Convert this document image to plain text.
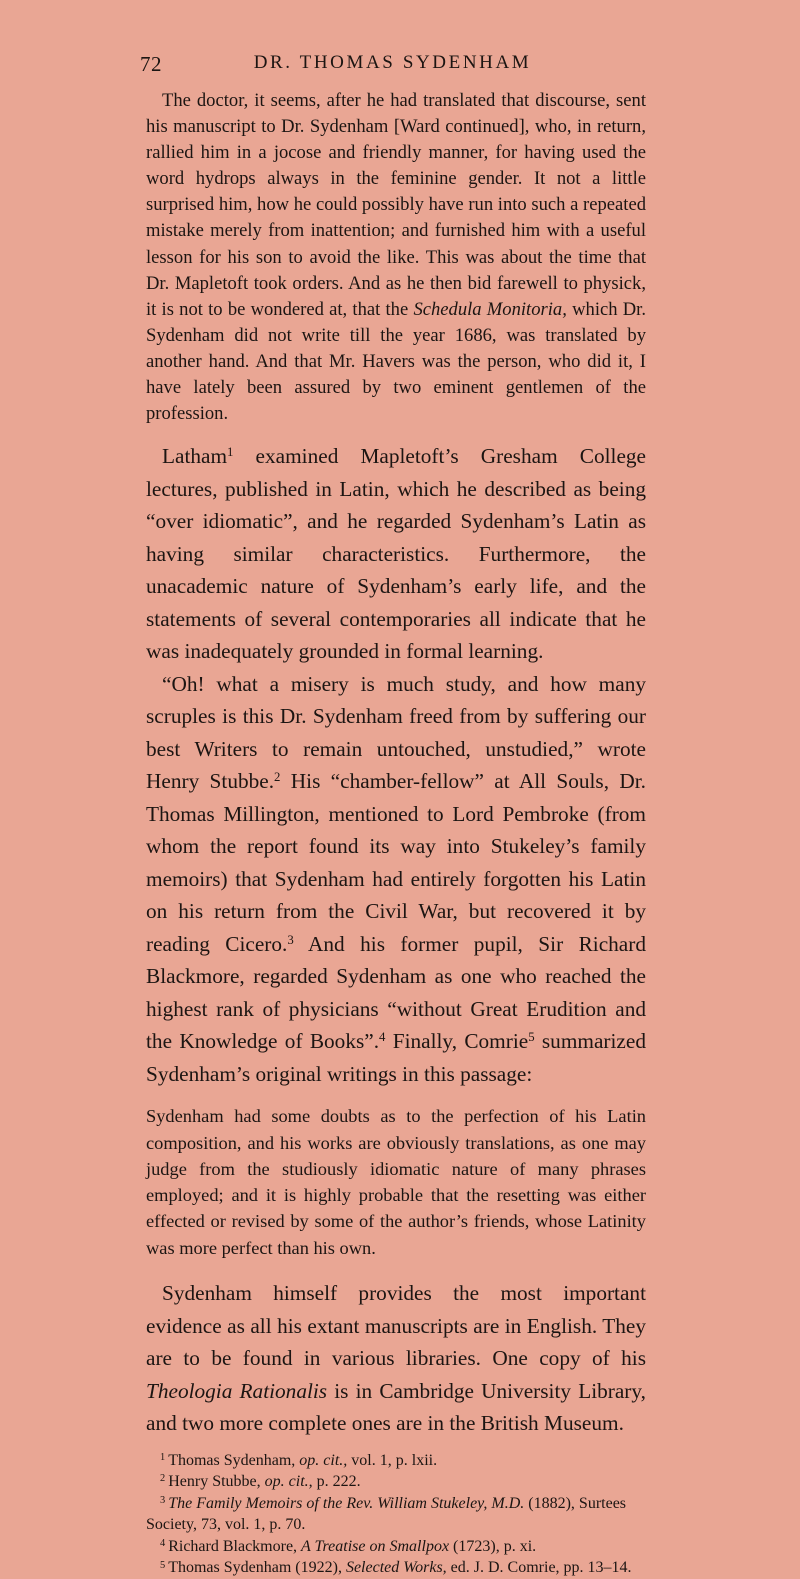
72	DR. THOMAS SYDENHAM

The doctor, it seems, after he had translated that discourse, sent his manuscript to Dr. Sydenham [Ward continued], who, in return, rallied him in a jocose and friendly manner, for having used the word hydrops always in the feminine gender. It not a little surprised him, how he could possibly have run into such a repeated mistake merely from inattention; and furnished him with a useful lesson for his son to avoid the like. This was about the time that Dr. Mapletoft took orders. And as he then bid farewell to physick, it is not to be wondered at, that the Schedula Monitoria, which Dr. Sydenham did not write till the year 1686, was translated by another hand. And that Mr. Havers was the person, who did it, I have lately been assured by two eminent gentlemen of the profession.

Latham$^1$ examined Mapletoft’s Gresham College lectures, published in Latin, which he described as being “over idiomatic”, and he regarded Sydenham’s Latin as having similar characteristics. Furthermore, the unacademic nature of Sydenham’s early life, and the statements of several contemporaries all indicate that he was inadequately grounded in formal learning.

“Oh! what a misery is much study, and how many scruples is this Dr. Sydenham freed from by suffering our best Writers to remain untouched, unstudied,” wrote Henry Stubbe.$^2$ His “chamber-fellow” at All Souls, Dr. Thomas Millington, mentioned to Lord Pembroke (from whom the report found its way into Stukeley’s family memoirs) that Sydenham had entirely forgotten his Latin on his return from the Civil War, but recovered it by reading Cicero.$^3$ And his former pupil, Sir Richard Blackmore, regarded Sydenham as one who reached the highest rank of physicians “without Great Erudition and the Knowledge of Books”.$^4$ Finally, Comrie$^5$ summarized Sydenham’s original writings in this passage:

Sydenham had some doubts as to the perfection of his Latin composition, and his works are obviously translations, as one may judge from the studiously idiomatic nature of many phrases employed; and it is highly probable that the resetting was either effected or revised by some of the author’s friends, whose Latinity was more perfect than his own.

Sydenham himself provides the most important evidence as all his extant manuscripts are in English. They are to be found in various libraries. One copy of his Theologia Rationalis is in Cambridge University Library, and two more complete ones are in the British Museum.

$^1$ Thomas Sydenham, op. cit., vol. 1, p. lxii.

$^2$ Henry Stubbe, op. cit., p. 222.

$^3$ The Family Memoirs of the Rev. William Stukeley, M.D. (1882), Surtees Society, 73, vol. 1, p. 70.

$^4$ Richard Blackmore, A Treatise on Smallpox (1723), p. xi.

$^5$ Thomas Sydenham (1922), Selected Works, ed. J. D. Comrie, pp. 13–14.
